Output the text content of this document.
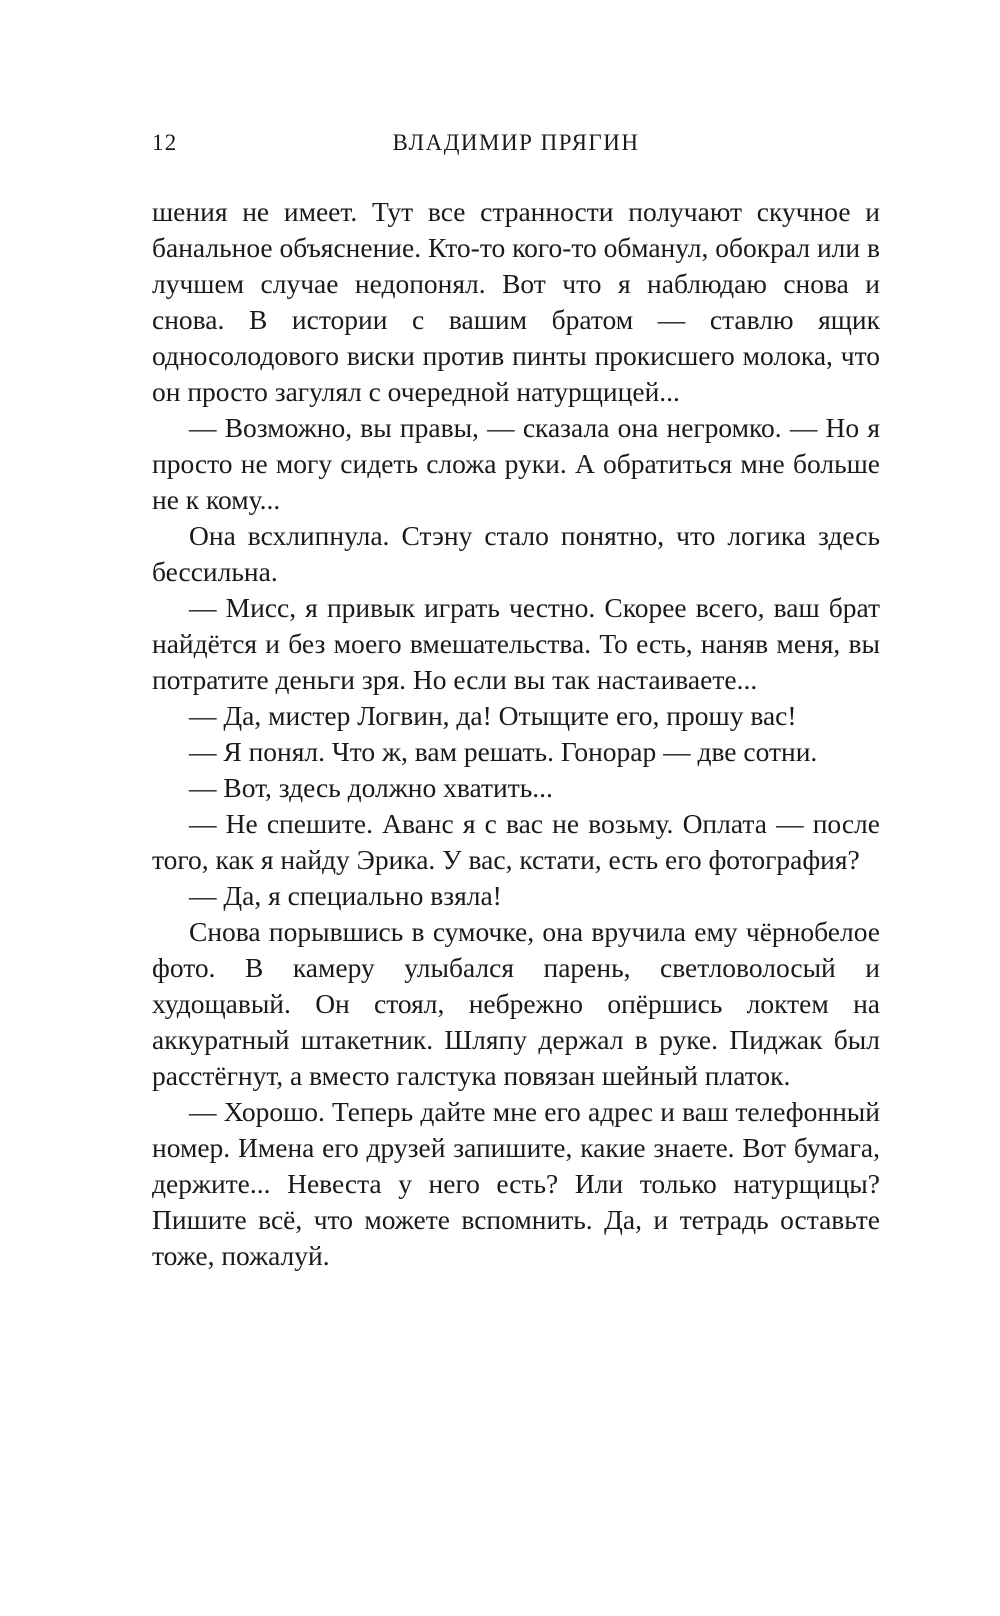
12	ВЛАДИМИР ПРЯГИН

шения не имеет. Тут все странности получают скучное и банальное объяснение. Кто-то кого-то обманул, обокрал или в лучшем случае недопонял. Вот что я наблюдаю снова и снова. В истории с вашим братом — ставлю ящик односолодового виски против пинты прокисшего молока, что он просто загулял с очередной натурщицей...

— Возможно, вы правы, — сказала она негромко. — Но я просто не могу сидеть сложа руки. А обратиться мне больше не к кому...

Она всхлипнула. Стэну стало понятно, что логика здесь бессильна.

— Мисс, я привык играть честно. Скорее всего, ваш брат найдётся и без моего вмешательства. То есть, наняв меня, вы потратите деньги зря. Но если вы так настаиваете...

— Да, мистер Логвин, да! Отыщите его, прошу вас!

— Я понял. Что ж, вам решать. Гонорар — две сотни.

— Вот, здесь должно хватить...

— Не спешите. Аванс я с вас не возьму. Оплата — после того, как я найду Эрика. У вас, кстати, есть его фотография?

— Да, я специально взяла!

Снова порывшись в сумочке, она вручила ему чёрнобелое фото. В камеру улыбался парень, светловолосый и худощавый. Он стоял, небрежно опёршись локтем на аккуратный штакетник. Шляпу держал в руке. Пиджак был расстёгнут, а вместо галстука повязан шейный платок.

— Хорошо. Теперь дайте мне его адрес и ваш телефонный номер. Имена его друзей запишите, какие знаете. Вот бумага, держите... Невеста у него есть? Или только натурщицы? Пишите всё, что можете вспомнить. Да, и тетрадь оставьте тоже, пожалуй.
